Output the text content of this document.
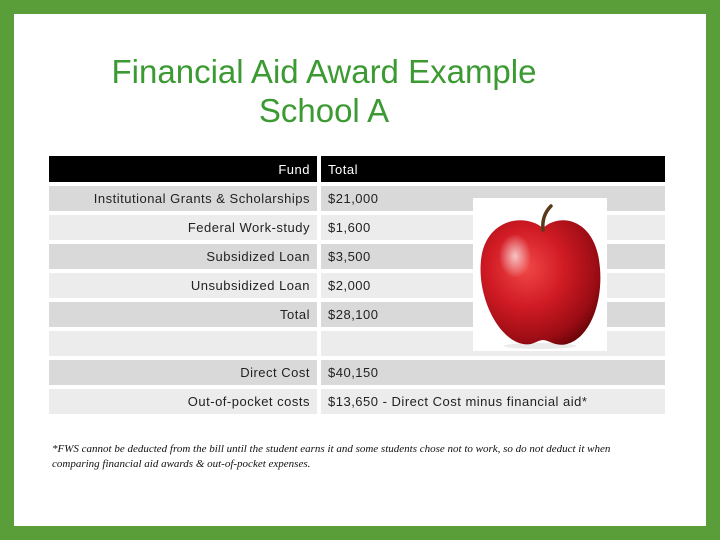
Financial Aid Award Example
School A
Fund	Total
Institutional Grants & Scholarships	$21,000
Federal Work-study	$1,600
Subsidized Loan	$3,500
Unsubsidized Loan	$2,000
Total	$28,100

Direct Cost	$40,150
Out-of-pocket costs	$13,650 - Direct Cost minus financial aid*
*FWS cannot be deducted from the bill until the student earns it and some students chose not to work, so do not deduct it when comparing financial aid awards & out-of-pocket expenses.
